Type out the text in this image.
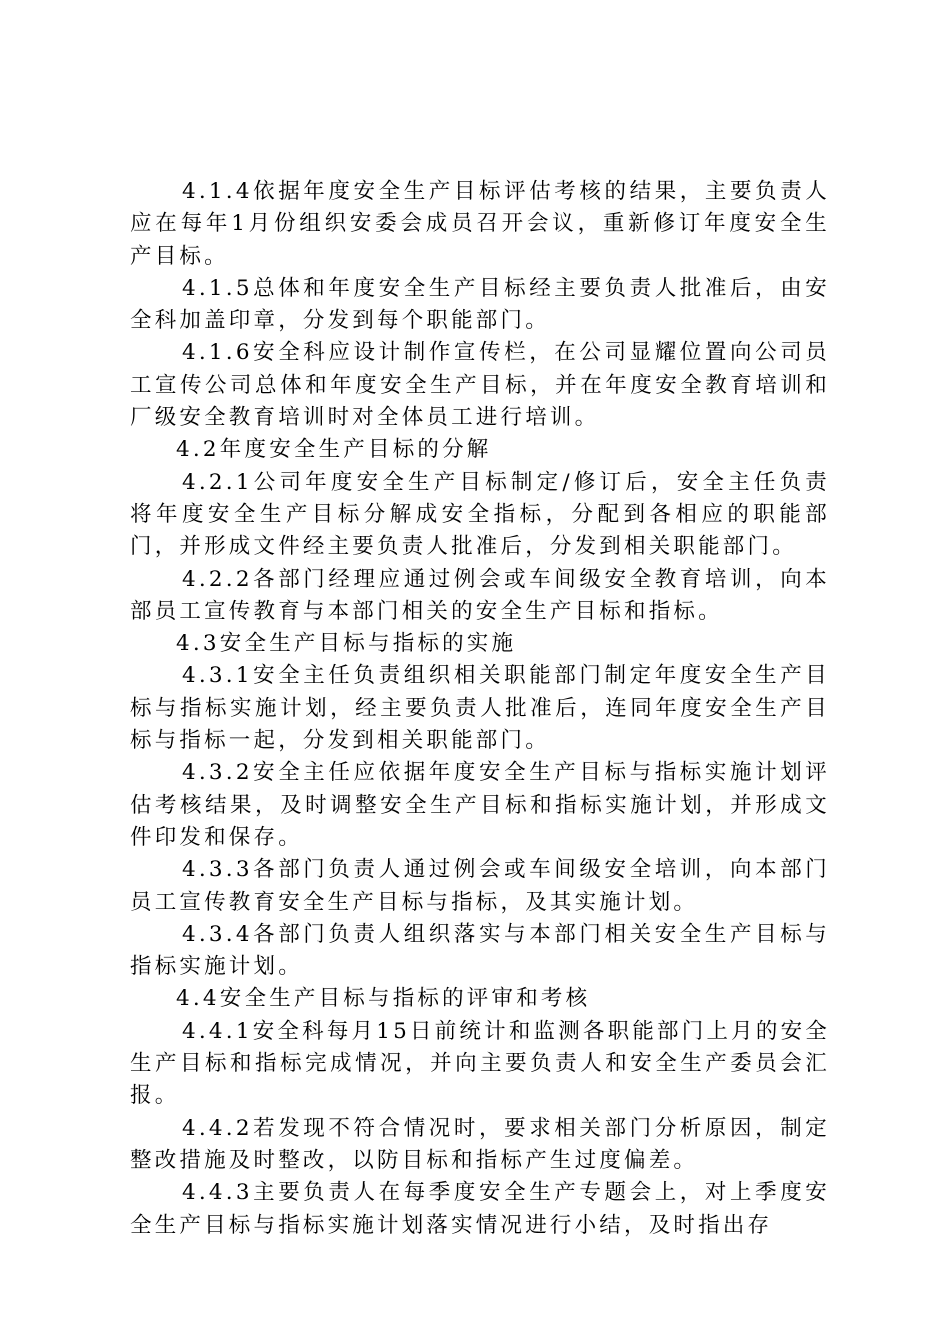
4.1.4依据年度安全生产目标评估考核的结果，主要负责人应在每年1月份组织安委会成员召开会议，重新修订年度安全生产目标。

4.1.5总体和年度安全生产目标经主要负责人批准后，由安全科加盖印章，分发到每个职能部门。

4.1.6安全科应设计制作宣传栏，在公司显耀位置向公司员工宣传公司总体和年度安全生产目标，并在年度安全教育培训和厂级安全教育培训时对全体员工进行培训。

4.2年度安全生产目标的分解

4.2.1公司年度安全生产目标制定/修订后，安全主任负责将年度安全生产目标分解成安全指标，分配到各相应的职能部门，并形成文件经主要负责人批准后，分发到相关职能部门。

4.2.2各部门经理应通过例会或车间级安全教育培训，向本部员工宣传教育与本部门相关的安全生产目标和指标。

4.3安全生产目标与指标的实施

4.3.1安全主任负责组织相关职能部门制定年度安全生产目标与指标实施计划，经主要负责人批准后，连同年度安全生产目标与指标一起，分发到相关职能部门。

4.3.2安全主任应依据年度安全生产目标与指标实施计划评估考核结果，及时调整安全生产目标和指标实施计划，并形成文件印发和保存。

4.3.3各部门负责人通过例会或车间级安全培训，向本部门员工宣传教育安全生产目标与指标，及其实施计划。

4.3.4各部门负责人组织落实与本部门相关安全生产目标与指标实施计划。

4.4安全生产目标与指标的评审和考核

4.4.1安全科每月15日前统计和监测各职能部门上月的安全生产目标和指标完成情况，并向主要负责人和安全生产委员会汇报。

4.4.2若发现不符合情况时，要求相关部门分析原因，制定整改措施及时整改，以防目标和指标产生过度偏差。

4.4.3主要负责人在每季度安全生产专题会上，对上季度安全生产目标与指标实施计划落实情况进行小结，及时指出存
